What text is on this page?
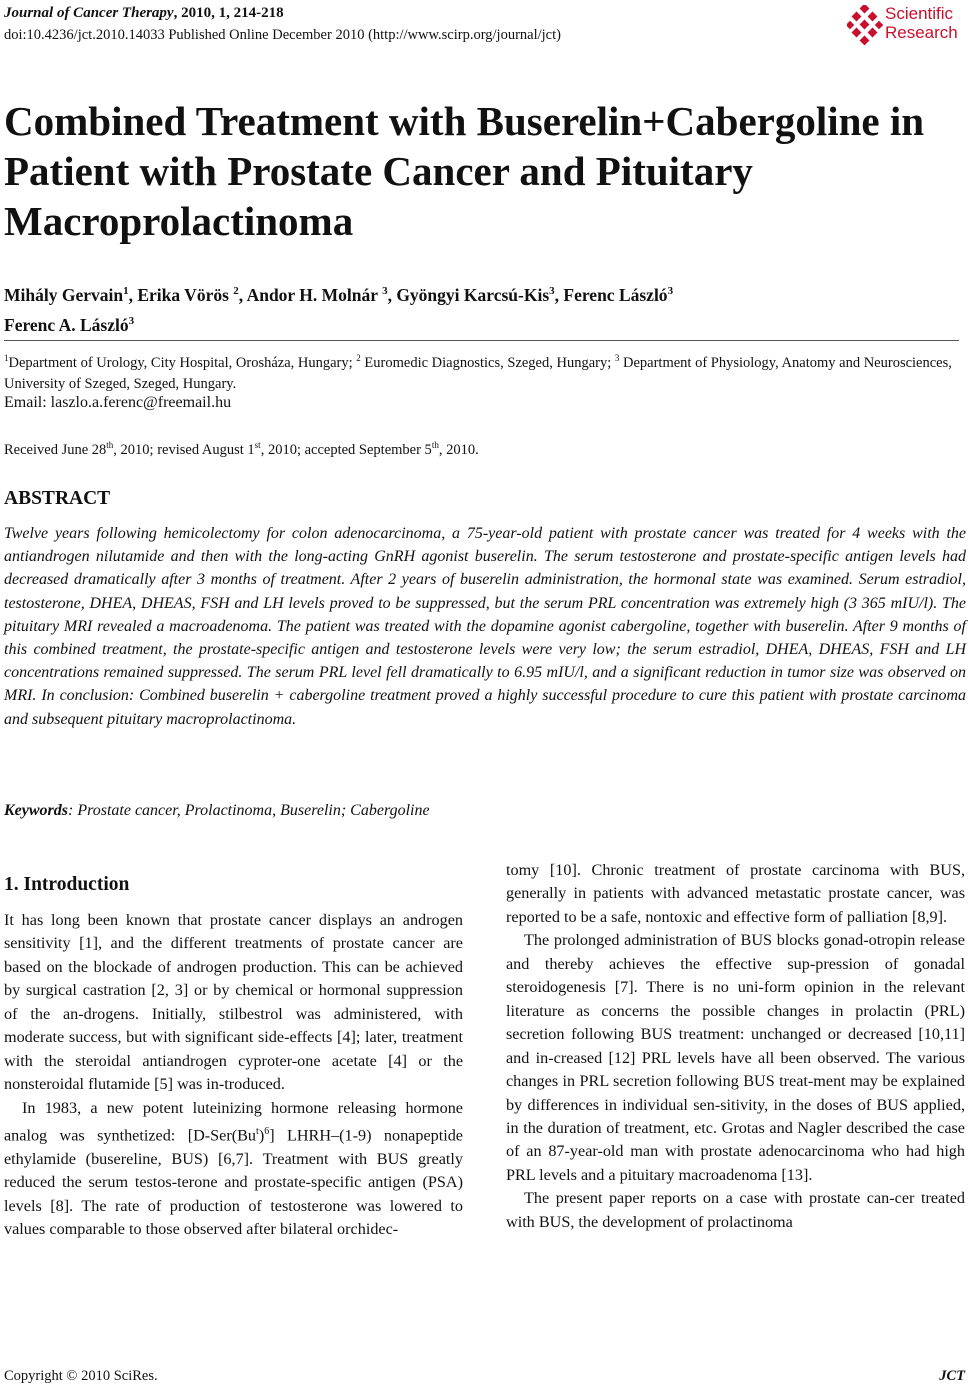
Journal of Cancer Therapy, 2010, 1, 214-218
doi:10.4236/jct.2010.14033 Published Online December 2010 (http://www.scirp.org/journal/jct)
Scientific
Research
Combined Treatment with Buserelin+Cabergoline in Patient with Prostate Cancer and Pituitary Macroprolactinoma
Mihály Gervain$^1$, Erika Vörös $^2$, Andor H. Molnár $^3$, Gyöngyi Karcsú-Kis$^3$, Ferenc László$^3$
Ferenc A. László$^3$
$^1$Department of Urology, City Hospital, Orosháza, Hungary; $^2$ Euromedic Diagnostics, Szeged, Hungary; $^3$ Department of Physiology, Anatomy and Neurosciences, University of Szeged, Szeged, Hungary.
Email: laszlo.a.ferenc@freemail.hu
Received June 28th, 2010; revised August 1st, 2010; accepted September 5th, 2010.
ABSTRACT
Twelve years following hemicolectomy for colon adenocarcinoma, a 75-year-old patient with prostate cancer was treated for 4 weeks with the antiandrogen nilutamide and then with the long-acting GnRH agonist buserelin. The serum testosterone and prostate-specific antigen levels had decreased dramatically after 3 months of treatment. After 2 years of buserelin administration, the hormonal state was examined. Serum estradiol, testosterone, DHEA, DHEAS, FSH and LH levels proved to be suppressed, but the serum PRL concentration was extremely high (3 365 mIU/l). The pituitary MRI revealed a macroadenoma. The patient was treated with the dopamine agonist cabergoline, together with buserelin. After 9 months of this combined treatment, the prostate-specific antigen and testosterone levels were very low; the serum estradiol, DHEA, DHEAS, FSH and LH concentrations remained suppressed. The serum PRL level fell dramatically to 6.95 mIU/l, and a significant reduction in tumor size was observed on MRI. In conclusion: Combined buserelin + cabergoline treatment proved a highly successful procedure to cure this patient with prostate carcinoma and subsequent pituitary macroprolactinoma.
Keywords: Prostate cancer, Prolactinoma, Buserelin; Cabergoline
1. Introduction

It has long been known that prostate cancer displays an androgen sensitivity [1], and the different treatments of prostate cancer are based on the blockade of androgen production. This can be achieved by surgical castration [2, 3] or by chemical or hormonal suppression of the an-drogens. Initially, stilbestrol was administered, with moderate success, but with significant side-effects [4]; later, treatment with the steroidal antiandrogen cyproter-one acetate [4] or the nonsteroidal flutamide [5] was in-troduced.

In 1983, a new potent luteinizing hormone releasing hormone analog was synthetized: $[D-Ser(Bu^t)^6]$ LHRH–(1-9) nonapeptide ethylamide (busereline, BUS) [6,7]. Treatment with BUS greatly reduced the serum testos-terone and prostate-specific antigen (PSA) levels [8]. The rate of production of testosterone was lowered to values comparable to those observed after bilateral orchidec-

tomy [10]. Chronic treatment of prostate carcinoma with BUS, generally in patients with advanced metastatic prostate cancer, was reported to be a safe, nontoxic and effective form of palliation [8,9].

The prolonged administration of BUS blocks gonad-otropin release and thereby achieves the effective sup-pression of gonadal steroidogenesis [7]. There is no uni-form opinion in the relevant literature as concerns the possible changes in prolactin (PRL) secretion following BUS treatment: unchanged or decreased [10,11] and in-creased [12] PRL levels have all been observed. The various changes in PRL secretion following BUS treat-ment may be explained by differences in individual sen-sitivity, in the doses of BUS applied, in the duration of treatment, etc. Grotas and Nagler described the case of an 87-year-old man with prostate adenocarcinoma who had high PRL levels and a pituitary macroadenoma [13].

The present paper reports on a case with prostate can-cer treated with BUS, the development of prolactinoma

Copyright © 2010 SciRes.	JCT
